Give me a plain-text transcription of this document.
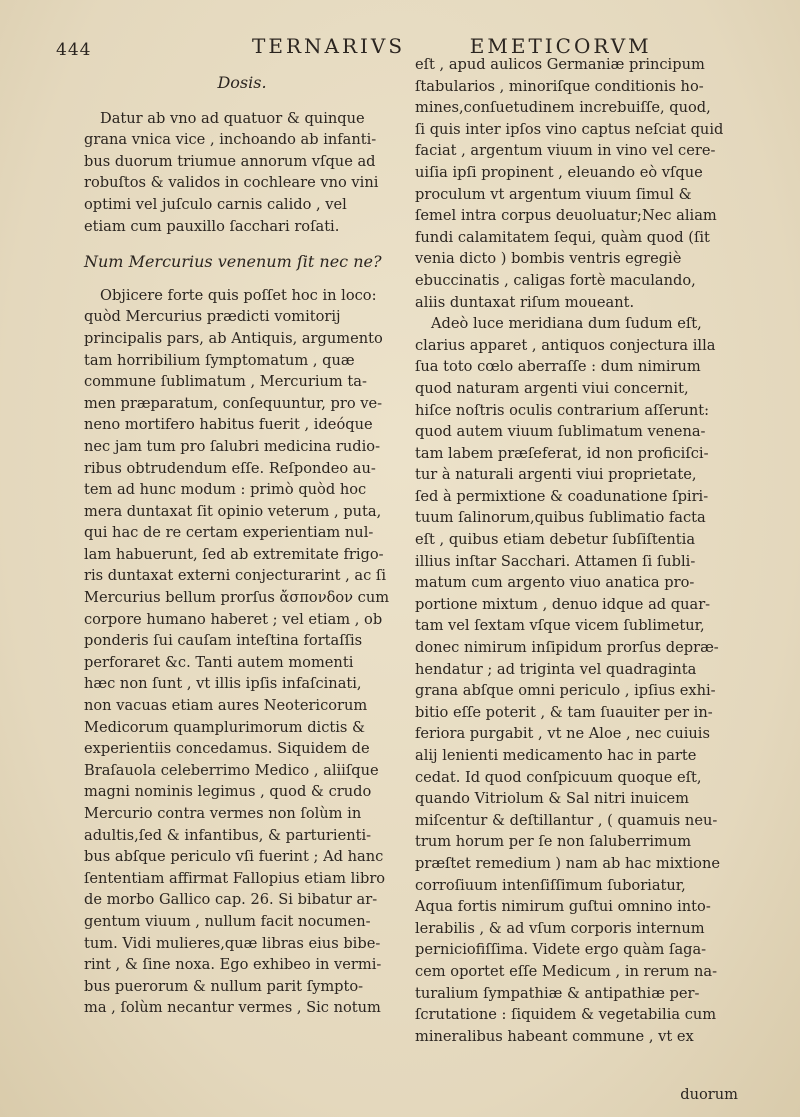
444	TERNARIVS	EMETICORVM
Dosis.
Datur ab vno ad quatuor & quinque
grana vnica vice , inchoando ab infanti-
bus duorum triumue annorum vſque ad
robuſtos & validos in cochleare vno vini
optimi vel juſculo carnis calido , vel
etiam cum pauxillo ſacchari roſati.
Num Mercurius venenum ſit nec ne?
Objicere forte quis poſſet hoc in loco:
quòd Mercurius prædicti vomitorij
principalis pars, ab Antiquis, argumento
tam horribilium ſymptomatum , quæ
commune ſublimatum , Mercurium ta-
men præparatum, conſequuntur, pro ve-
neno mortifero habitus fuerit , ideóque
nec jam tum pro ſalubri medicina rudio-
ribus obtrudendum eſſe. Reſpondeo au-
tem ad hunc modum : primò quòd hoc
mera duntaxat ſit opinio veterum , puta,
qui hac de re certam experientiam nul-
lam habuerunt, ſed ab extremitate frigo-
ris duntaxat externi conjecturarint , ac ſi
Mercurius bellum prorſus ἄσπονδον cum
corpore humano haberet ; vel etiam , ob
ponderis ſui cauſam inteſtina fortaſſis
perforaret &c. Tanti autem momenti
hæc non ſunt , vt illis ipſis infaſcinati,
non vacuas etiam aures Neotericorum
Medicorum quamplurimorum dictis &
experientiis concedamus. Siquidem de
Braſauola celeberrimo Medico , aliiſque
magni nominis legimus , quod & crudo
Mercurio contra vermes non ſolùm in
adultis,ſed & infantibus, & parturienti-
bus abſque periculo vſi fuerint ; Ad hanc
ſententiam affirmat Fallopius etiam libro
de morbo Gallico cap. 26. Si bibatur ar-
gentum viuum , nullum facit nocumen-
tum. Vidi mulieres,quæ libras eius bibe-
rint , & ſine noxa. Ego exhibeo in vermi-
bus puerorum & nullum parit ſympto-
ma , ſolùm necantur vermes , Sic notum
eſt , apud aulicos Germaniæ principum
ſtabularios , minoriſque conditionis ho-
mines,conſuetudinem increbuiſſe, quod,
ſi quis inter ipſos vino captus neſciat quid
faciat , argentum viuum in vino vel cere-
uiſia ipſi propinent , eleuando eò vſque
proculum vt argentum viuum ſimul &
ſemel intra corpus deuoluatur;Nec aliam
fundi calamitatem ſequi, quàm quod (ſit
venia dicto ) bombis ventris egregiè
ebuccinatis , caligas fortè maculando,
aliis duntaxat riſum moueant.
Adeò luce meridiana dum ſudum eſt,
clarius apparet , antiquos conjectura illa
ſua toto cœlo aberraſſe : dum nimirum
quod naturam argenti viui concernit,
hiſce noſtris oculis contrarium aſſerunt:
quod autem viuum ſublimatum venena-
tam labem præſeferat, id non proficiſci-
tur à naturali argenti viui proprietate,
ſed à permixtione & coadunatione ſpiri-
tuum ſalinorum,quibus ſublimatio facta
eſt , quibus etiam debetur ſubſiſtentia
illius inſtar Sacchari. Attamen ſi ſubli-
matum cum argento viuo anatica pro-
portione mixtum , denuo idque ad quar-
tam vel ſextam vſque vicem ſublimetur,
donec nimirum inſipidum prorſus depræ-
hendatur ; ad triginta vel quadraginta
grana abſque omni periculo , ipſius exhi-
bitio eſſe poterit , & tam ſuauiter per in-
feriora purgabit , vt ne Aloe , nec cuiuis
alij lenienti medicamento hac in parte
cedat. Id quod conſpicuum quoque eſt,
quando Vitriolum & Sal nitri inuicem
miſcentur & deſtillantur , ( quamuis neu-
trum horum per ſe non ſaluberrimum
præſtet remedium ) nam ab hac mixtione
corroſiuum intenſiſſimum ſuboriatur,
Aqua fortis nimirum guſtui omnino into-
lerabilis , & ad vſum corporis internum
perniciofiſſima. Videte ergo quàm ſaga-
cem oportet eſſe Medicum , in rerum na-
turalium ſympathiæ & antipathiæ per-
ſcrutatione : ſiquidem & vegetabilia cum
mineralibus habeant commune , vt ex
duorum
